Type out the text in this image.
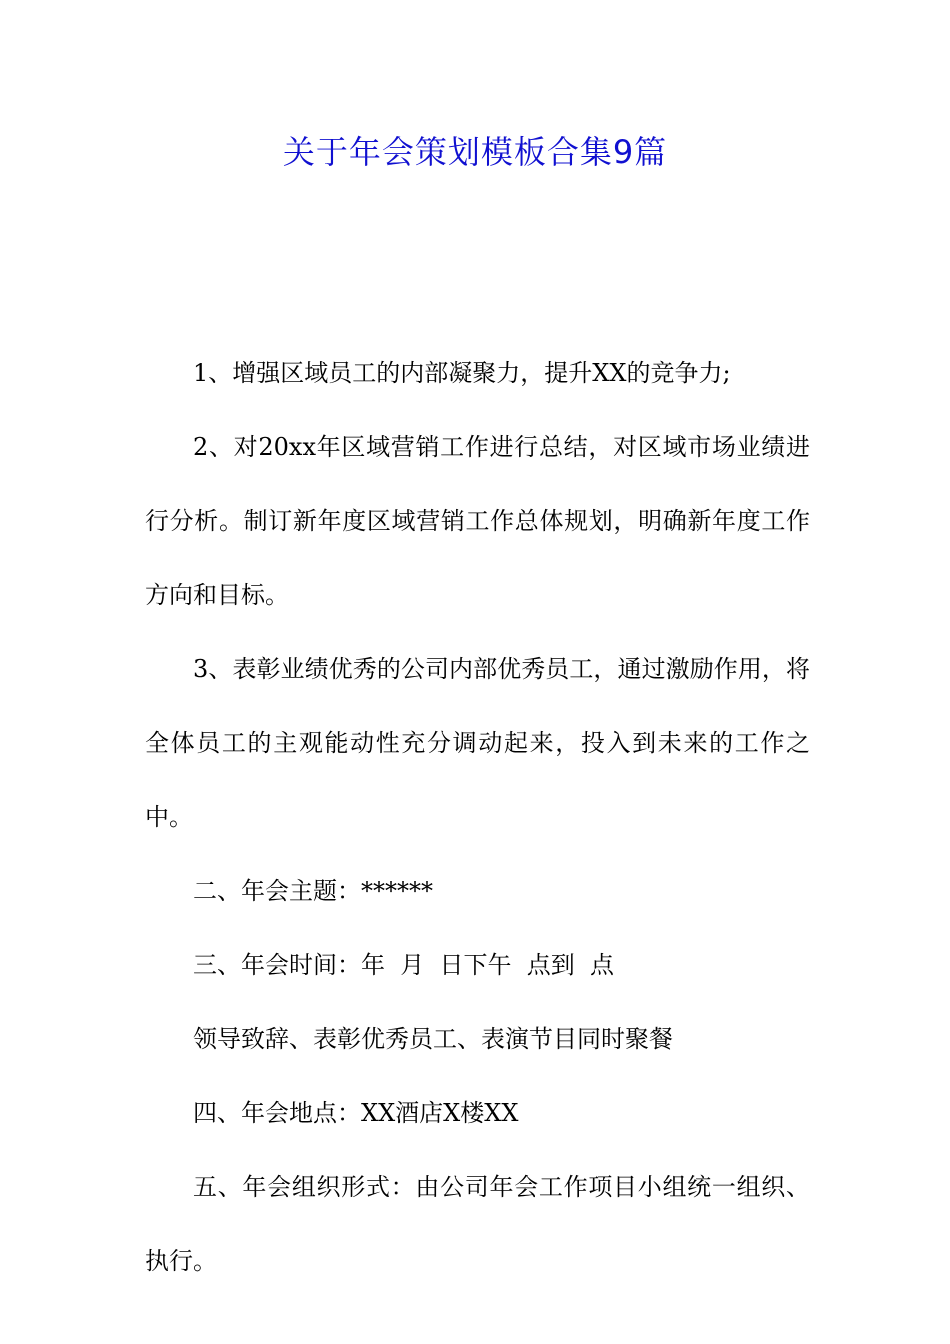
关于年会策划模板合集9篇

1、增强区域员工的内部凝聚力，提升XX的竞争力;

2、对20xx年区域营销工作进行总结，对区域市场业绩进行分析。制订新年度区域营销工作总体规划，明确新年度工作方向和目标。

3、表彰业绩优秀的公司内部优秀员工，通过激励作用，将全体员工的主观能动性充分调动起来，投入到未来的工作之中。

二、年会主题：******

三、年会时间：年  月  日下午  点到  点

领导致辞、表彰优秀员工、表演节目同时聚餐

四、年会地点：XX酒店X楼XX

五、年会组织形式：由公司年会工作项目小组统一组织、执行。
